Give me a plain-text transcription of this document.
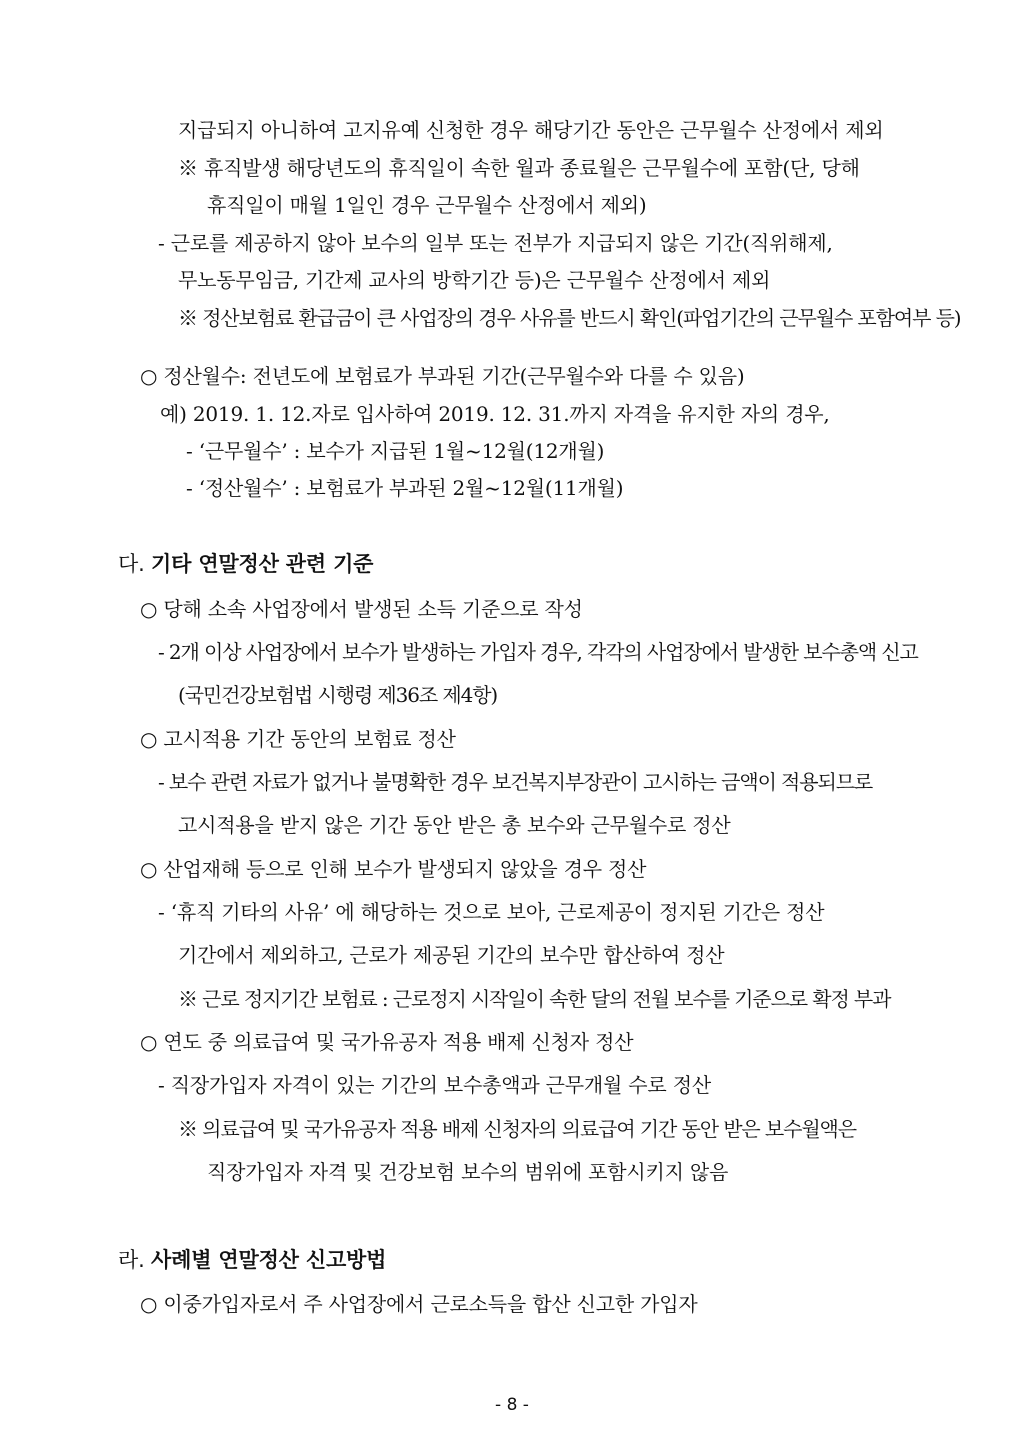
지급되지 아니하여 고지유예 신청한 경우 해당기간 동안은 근무월수 산정에서 제외
※ 휴직발생 해당년도의 휴직일이 속한 월과 종료월은 근무월수에 포함(단, 당해
휴직일이 매월 1일인 경우 근무월수 산정에서 제외)
- 근로를 제공하지 않아 보수의 일부 또는 전부가 지급되지 않은 기간(직위해제,
무노동무임금, 기간제 교사의 방학기간 등)은 근무월수 산정에서 제외
※ 정산보험료 환급금이 큰 사업장의 경우 사유를 반드시 확인(파업기간의 근무월수 포함여부 등)
○ 정산월수: 전년도에 보험료가 부과된 기간(근무월수와 다를 수 있음)
예) 2019. 1. 12.자로 입사하여 2019. 12. 31.까지 자격을 유지한 자의 경우,
- ‘근무월수’ : 보수가 지급된 1월~12월(12개월)
- ‘정산월수’ : 보험료가 부과된 2월~12월(11개월)
다. 기타 연말정산 관련 기준
○ 당해 소속 사업장에서 발생된 소득 기준으로 작성
- 2개 이상 사업장에서 보수가 발생하는 가입자 경우, 각각의 사업장에서 발생한 보수총액 신고
(국민건강보험법 시행령 제36조 제4항)
○ 고시적용 기간 동안의 보험료 정산
- 보수 관련 자료가 없거나 불명확한 경우 보건복지부장관이 고시하는 금액이 적용되므로
고시적용을 받지 않은 기간 동안 받은 총 보수와 근무월수로 정산
○ 산업재해 등으로 인해 보수가 발생되지 않았을 경우 정산
- ‘휴직 기타의 사유’ 에 해당하는 것으로 보아, 근로제공이 정지된 기간은 정산
기간에서 제외하고, 근로가 제공된 기간의 보수만 합산하여 정산
※ 근로 정지기간 보험료 : 근로정지 시작일이 속한 달의 전월 보수를 기준으로 확정 부과
○ 연도 중 의료급여 및 국가유공자 적용 배제 신청자 정산
- 직장가입자 자격이 있는 기간의 보수총액과 근무개월 수로 정산
※ 의료급여 및 국가유공자 적용 배제 신청자의 의료급여 기간 동안 받은 보수월액은
직장가입자 자격 및 건강보험 보수의 범위에 포함시키지 않음
라. 사례별 연말정산 신고방법
○ 이중가입자로서 주 사업장에서 근로소득을 합산 신고한 가입자
- 8 -
